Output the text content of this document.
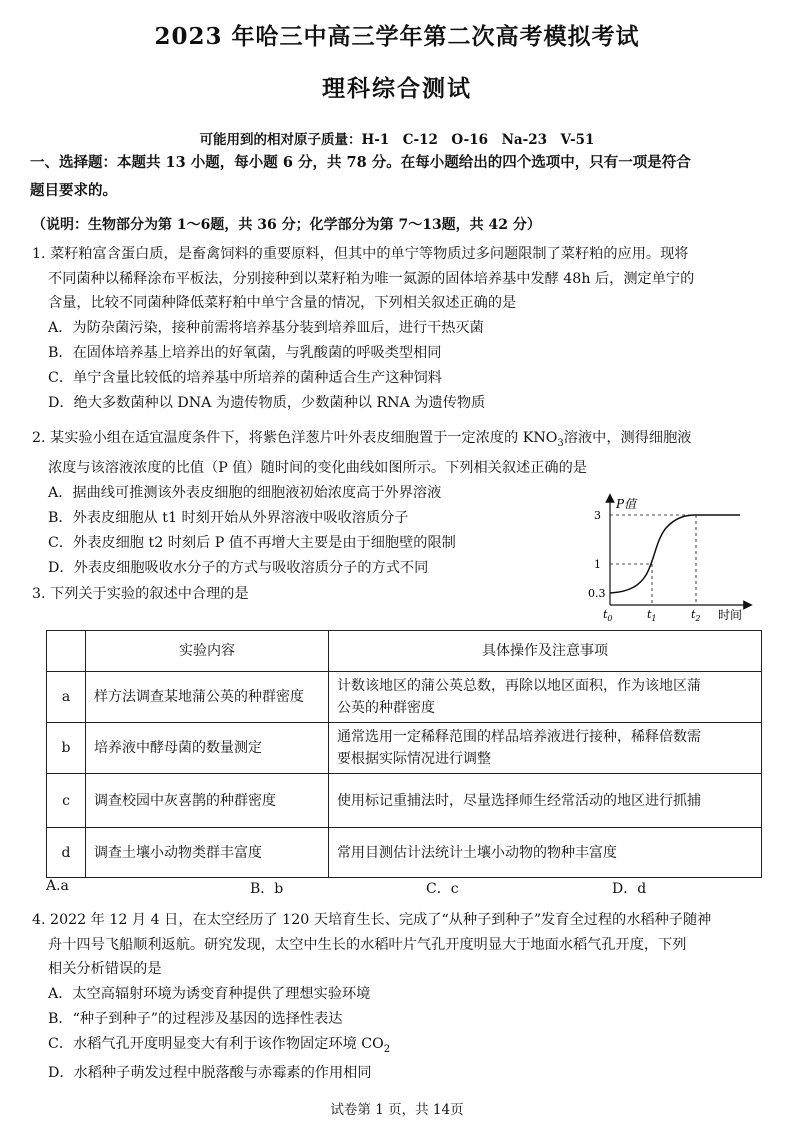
2023 年哈三中高三学年第二次高考模拟考试
理科综合测试
可能用到的相对原子质量：H-1　C-12　O-16　Na-23　V-51
一、选择题：本题共 13 小题，每小题 6 分，共 78 分。在每小题给出的四个选项中，只有一项是符合
题目要求的。
（说明：生物部分为第 1～6题，共 36 分；化学部分为第 7～13题，共 42 分）
1. 菜籽粕富含蛋白质，是畜禽饲料的重要原料，但其中的单宁等物质过多问题限制了菜籽粕的应用。现将
不同菌种以稀释涂布平板法，分别接种到以菜籽粕为唯一氮源的固体培养基中发酵 48h 后，测定单宁的
含量，比较不同菌种降低菜籽粕中单宁含量的情况，下列相关叙述正确的是
A．为防杂菌污染，接种前需将培养基分装到培养皿后，进行干热灭菌
B．在固体培养基上培养出的好氧菌，与乳酸菌的呼吸类型相同
C．单宁含量比较低的培养基中所培养的菌种适合生产这种饲料
D．绝大多数菌种以 DNA 为遗传物质，少数菌种以 RNA 为遗传物质
2. 某实验小组在适宜温度条件下，将紫色洋葱片叶外表皮细胞置于一定浓度的 $KNO_3$溶液中，测得细胞液
浓度与该溶液浓度的比值（P 值）随时间的变化曲线如图所示。下列相关叙述正确的是
A．据曲线可推测该外表皮细胞的细胞液初始浓度高于外界溶液
B．外表皮细胞从 t1 时刻开始从外界溶液中吸收溶质分子
C．外表皮细胞 t2 时刻后 P 值不再增大主要是由于细胞壁的限制
D．外表皮细胞吸收水分子的方式与吸收溶质分子的方式不同
P值
3
1
0.3
$t_0$	$t_1$	$t_2$ 时间
3. 下列关于实验的叙述中合理的是
	实验内容	具体操作及注意事项
a	样方法调查某地蒲公英的种群密度	计数该地区的蒲公英总数，再除以地区面积，作为该地区蒲
公英的种群密度

b	培养液中酵母菌的数量测定	通常选用一定稀释范围的样品培养液进行接种，稀释倍数需
要根据实际情况进行调整

c	调查校园中灰喜鹊的种群密度	使用标记重捕法时，尽量选择师生经常活动的地区进行抓捕
d	调查土壤小动物类群丰富度	常用目测估计法统计土壤小动物的物种丰富度
A.a	B．b	C．c	D．d
4. 2022 年 12 月 4 日，在太空经历了 120 天培育生长、完成了“从种子到种子”发育全过程的水稻种子随神
舟十四号飞船顺利返航。研究发现，太空中生长的水稻叶片气孔开度明显大于地面水稻气孔开度，下列
相关分析错误的是
A．太空高辐射环境为诱变育种提供了理想实验环境
B．“种子到种子”的过程涉及基因的选择性表达
C．水稻气孔开度明显变大有利于该作物固定环境 $CO_2$
D．水稻种子萌发过程中脱落酸与赤霉素的作用相同
试卷第 1 页，共 14页
